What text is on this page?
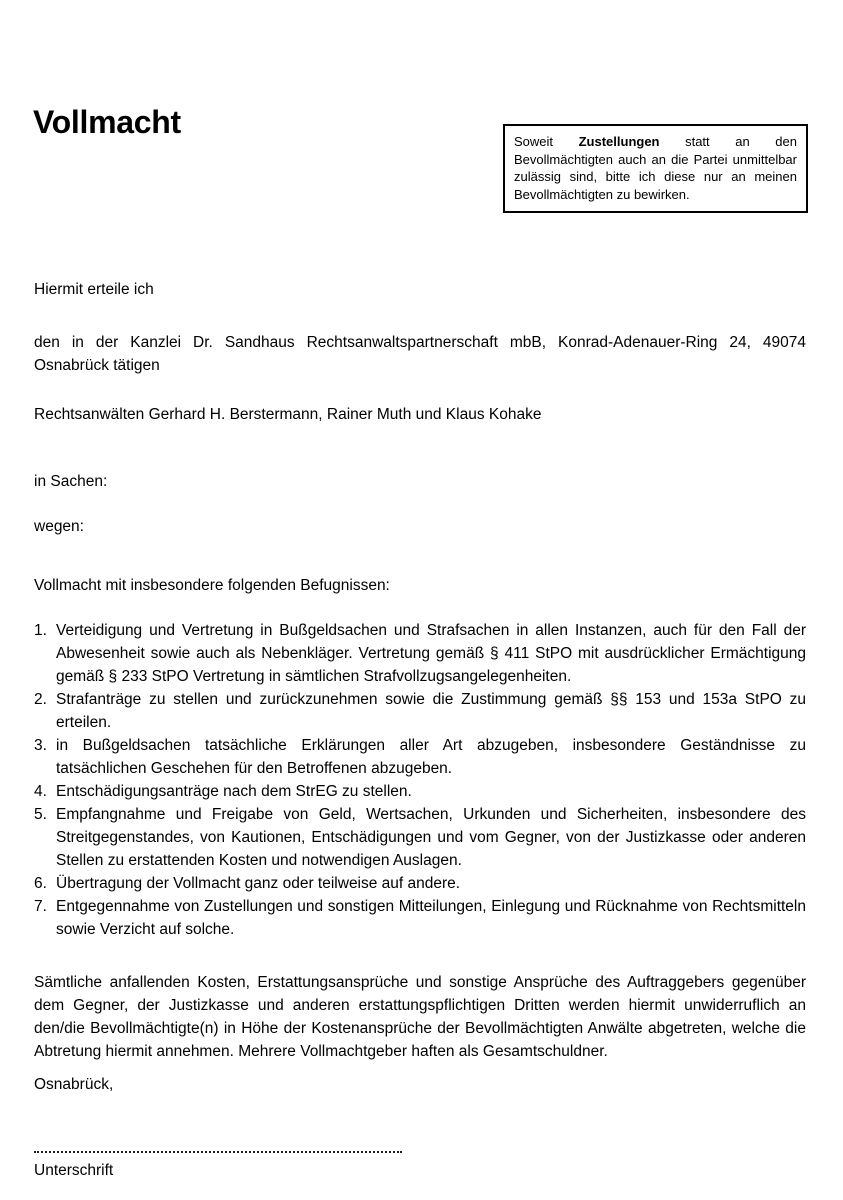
Vollmacht

Soweit Zustellungen statt an den Bevollmächtigten auch an die Partei unmittelbar zulässig sind, bitte ich diese nur an meinen Bevollmächtigten zu bewirken.

Hiermit erteile ich

den in der Kanzlei Dr. Sandhaus Rechtsanwaltspartnerschaft mbB, Konrad-Adenauer-Ring 24, 49074 Osnabrück tätigen

Rechtsanwälten Gerhard H. Berstermann, Rainer Muth und Klaus Kohake

in Sachen:

wegen:

Vollmacht mit insbesondere folgenden Befugnissen:

1. Verteidigung und Vertretung in Bußgeldsachen und Strafsachen in allen Instanzen, auch für den Fall der Abwesenheit sowie auch als Nebenkläger. Vertretung gemäß § 411 StPO mit ausdrücklicher Ermächtigung gemäß § 233 StPO Vertretung in sämtlichen Strafvollzugsangelegenheiten.
2. Strafanträge zu stellen und zurückzunehmen sowie die Zustimmung gemäß §§ 153 und 153a StPO zu erteilen.
3. in Bußgeldsachen tatsächliche Erklärungen aller Art abzugeben, insbesondere Geständnisse zu tatsächlichen Geschehen für den Betroffenen abzugeben.
4. Entschädigungsanträge nach dem StrEG zu stellen.
5. Empfangnahme und Freigabe von Geld, Wertsachen, Urkunden und Sicherheiten, insbesondere des Streitgegenstandes, von Kautionen, Entschädigungen und vom Gegner, von der Justizkasse oder anderen Stellen zu erstattenden Kosten und notwendigen Auslagen.
6. Übertragung der Vollmacht ganz oder teilweise auf andere.
7. Entgegennahme von Zustellungen und sonstigen Mitteilungen, Einlegung und Rücknahme von Rechtsmitteln sowie Verzicht auf solche.

Sämtliche anfallenden Kosten, Erstattungsansprüche und sonstige Ansprüche des Auftraggebers gegenüber dem Gegner, der Justizkasse und anderen erstattungspflichtigen Dritten werden hiermit unwiderruflich an den/die Bevollmächtigte(n) in Höhe der Kostenansprüche der Bevollmächtigten Anwälte abgetreten, welche die Abtretung hiermit annehmen. Mehrere Vollmachtgeber haften als Gesamtschuldner.

Osnabrück,
Unterschrift
